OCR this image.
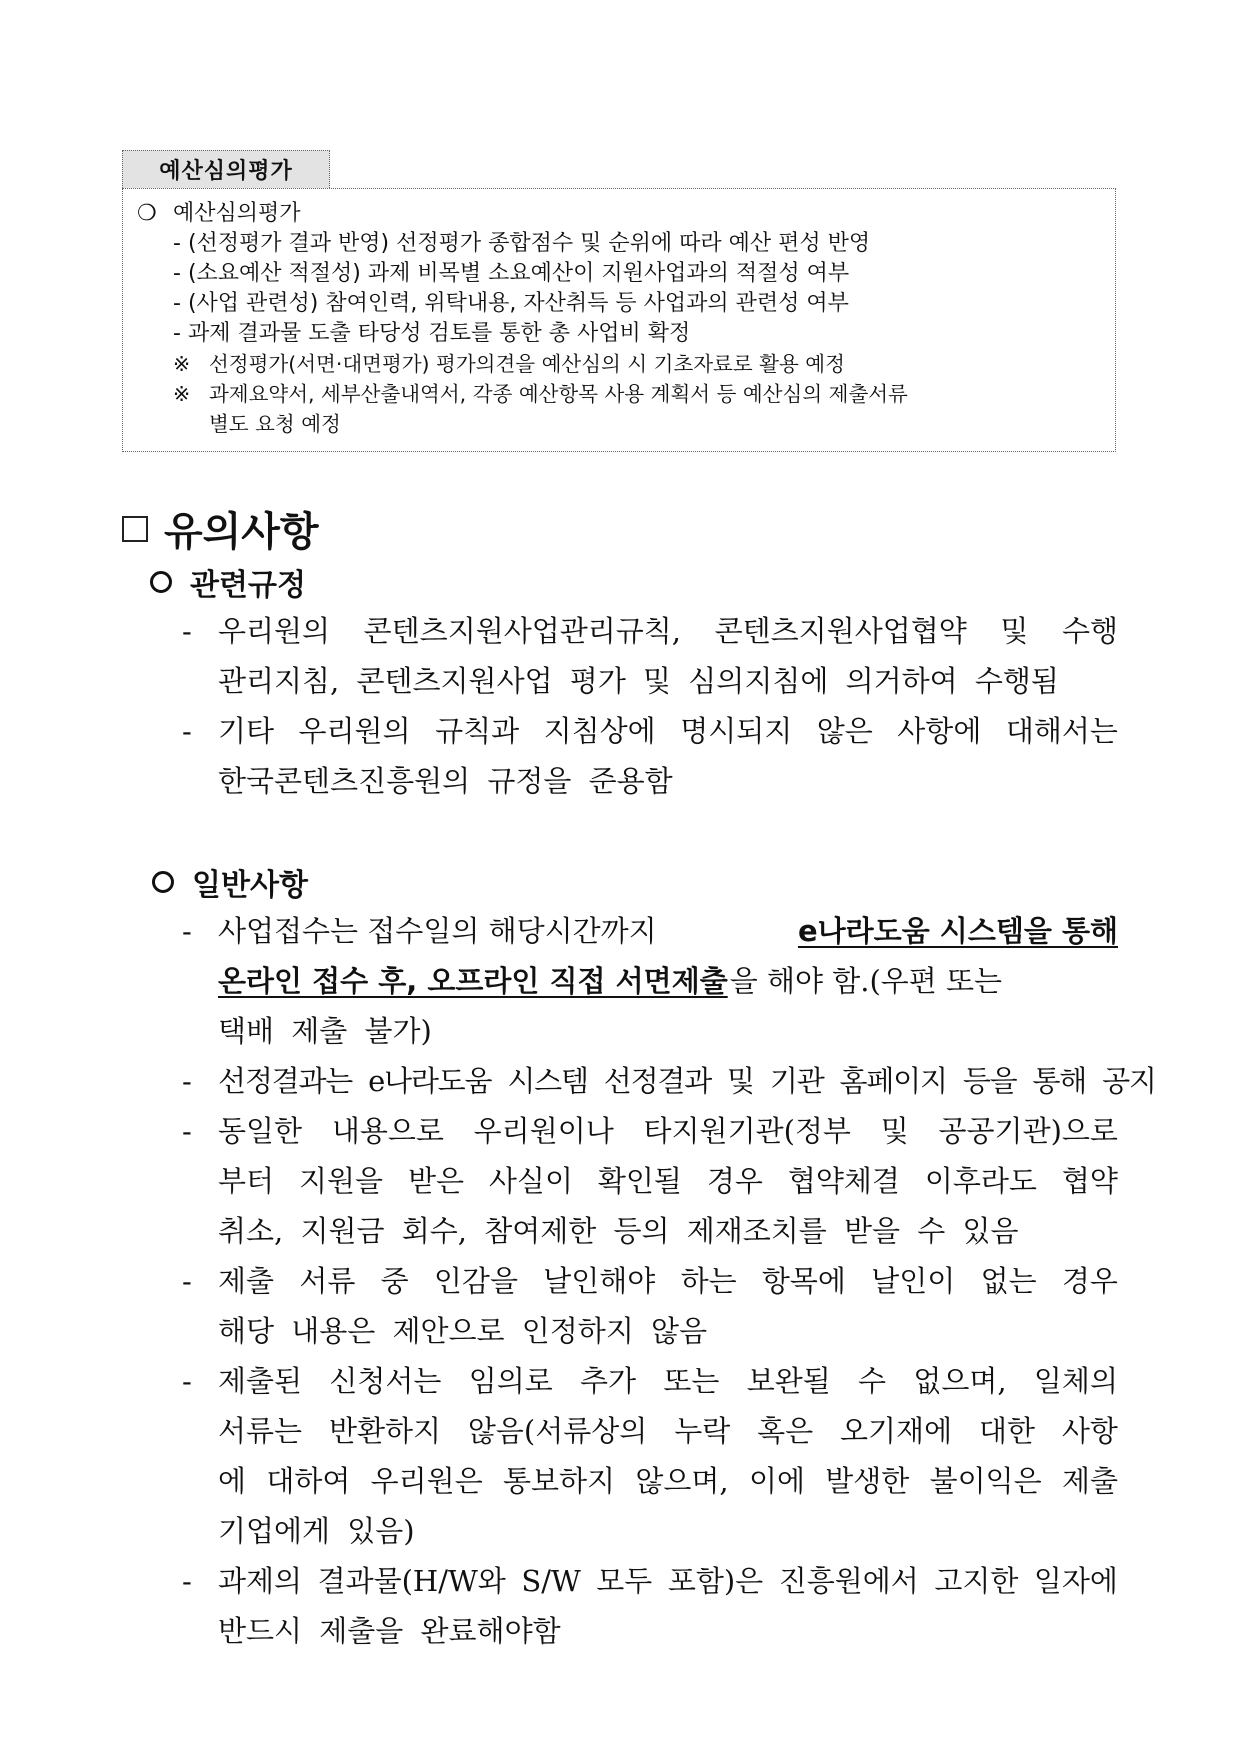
예산심의평가
❍ 예산심의평가
- (선정평가 결과 반영) 선정평가 종합점수 및 순위에 따라 예산 편성 반영
- (소요예산 적절성) 과제 비목별 소요예산이 지원사업과의 적절성 여부
- (사업 관련성) 참여인력, 위탁내용, 자산취득 등 사업과의 관련성 여부
- 과제 결과물 도출 타당성 검토를 통한 총 사업비 확정
※ 선정평가(서면·대면평가) 평가의견을 예산심의 시 기초자료로 활용 예정
※ 과제요약서, 세부산출내역서, 각종 예산항목 사용 계획서 등 예산심의 제출서류
별도 요청 예정
유의사항
관련규정
- 우리원의 콘텐츠지원사업관리규칙, 콘텐츠지원사업협약 및 수행
관리지침, 콘텐츠지원사업 평가 및 심의지침에 의거하여 수행됨
- 기타 우리원의 규칙과 지침상에 명시되지 않은 사항에 대해서는
한국콘텐츠진흥원의 규정을 준용함
일반사항
- 사업접수는 접수일의 해당시간까지	e나라도움 시스템을 통해
온라인 접수 후, 오프라인 직접 서면제출 을 해야 함.(우편 또는
택배 제출 불가)
- 선정결과는 e나라도움 시스템 선정결과 및 기관 홈페이지 등을 통해 공지
- 동일한 내용으로 우리원이나 타지원기관(정부 및 공공기관)으로
부터 지원을 받은 사실이 확인될 경우 협약체결 이후라도 협약
취소, 지원금 회수, 참여제한 등의 제재조치를 받을 수 있음
- 제출 서류 중 인감을 날인해야 하는 항목에 날인이 없는 경우
해당 내용은 제안으로 인정하지 않음
- 제출된 신청서는 임의로 추가 또는 보완될 수 없으며, 일체의
서류는 반환하지 않음(서류상의 누락 혹은 오기재에 대한 사항
에 대하여 우리원은 통보하지 않으며, 이에 발생한 불이익은 제출
기업에게 있음)
- 과제의 결과물(H/W와 S/W 모두 포함)은 진흥원에서 고지한 일자에
반드시 제출을 완료해야함
